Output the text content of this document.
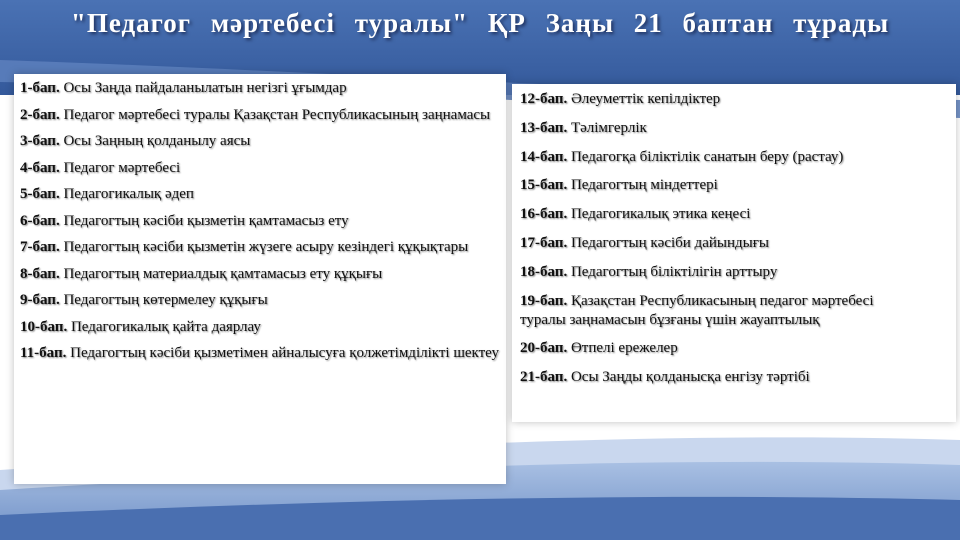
"Педагог мәртебесі туралы" ҚР Заңы 21 баптан тұрады
1-бап. Осы Заңда пайдаланылатын негізгі ұғымдар
2-бап. Педагог мәртебесі туралы Қазақстан Республикасының заңнамасы
3-бап. Осы Заңның қолданылу аясы
4-бап. Педагог мәртебесі
5-бап. Педагогикалық әдеп
6-бап. Педагогтың кәсіби қызметін қамтамасыз ету
7-бап. Педагогтың кәсіби қызметін жүзеге асыру кезіндегі құқықтары
8-бап. Педагогтың материалдық қамтамасыз ету құқығы
9-бап. Педагогтың көтермелеу құқығы
10-бап. Педагогикалық қайта даярлау
11-бап. Педагогтың кәсіби қызметімен айналысуға қолжетімділікті шектеу
12-бап. Әлеуметтік кепілдіктер
13-бап. Тәлімгерлік
14-бап. Педагогқа біліктілік санатын беру (растау)
15-бап. Педагогтың міндеттері
16-бап. Педагогикалық этика кеңесі
17-бап. Педагогтың кәсіби дайындығы
18-бап. Педагогтың біліктілігін арттыру
19-бап. Қазақстан Республикасының педагог мәртебесі туралы заңнамасын бұзғаны үшін жауаптылық
20-бап. Өтпелі ережелер
21-бап. Осы Заңды қолданысқа енгізу тәртібі
